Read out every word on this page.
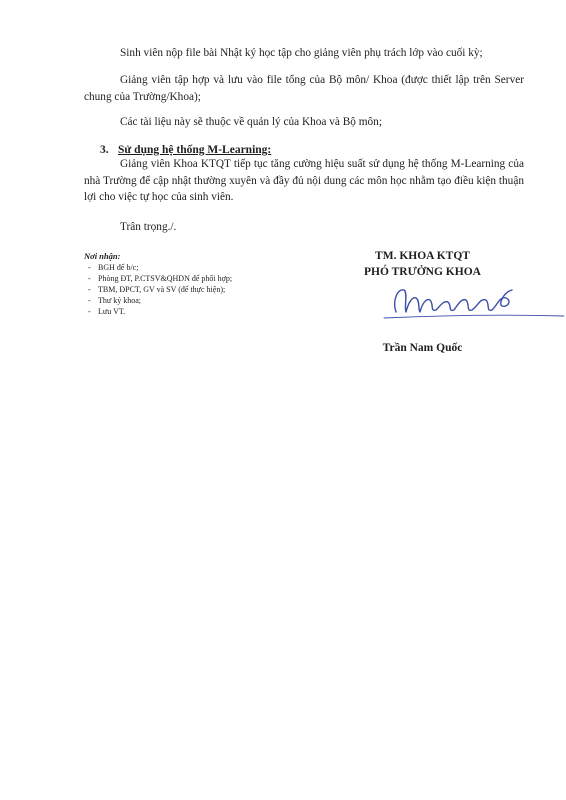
Sinh viên nộp file bài Nhật ký học tập cho giảng viên phụ trách lớp vào cuối kỳ;

Giảng viên tập hợp và lưu vào file tổng của Bộ môn/ Khoa (được thiết lập trên Server chung của Trường/Khoa);

Các tài liệu này sẽ thuộc về quản lý của Khoa và Bộ môn;

3. Sử dụng hệ thống M-Learning:

Giảng viên Khoa KTQT tiếp tục tăng cường hiệu suất sử dụng hệ thống M-Learning của nhà Trường để cập nhật thường xuyên và đầy đủ nội dung các môn học nhằm tạo điều kiện thuận lợi cho việc tự học của sinh viên.

Trân trọng./.

Nơi nhận:
- BGH để b/c;
- Phòng ĐT, P.CTSV&QHDN để phối hợp;
- TBM, ĐPCT, GV và SV (để thực hiện);
- Thư ký khoa;
- Lưu VT.
TM. KHOA KTQT
PHÓ TRƯỞNG KHOA
Trần Nam Quốc
